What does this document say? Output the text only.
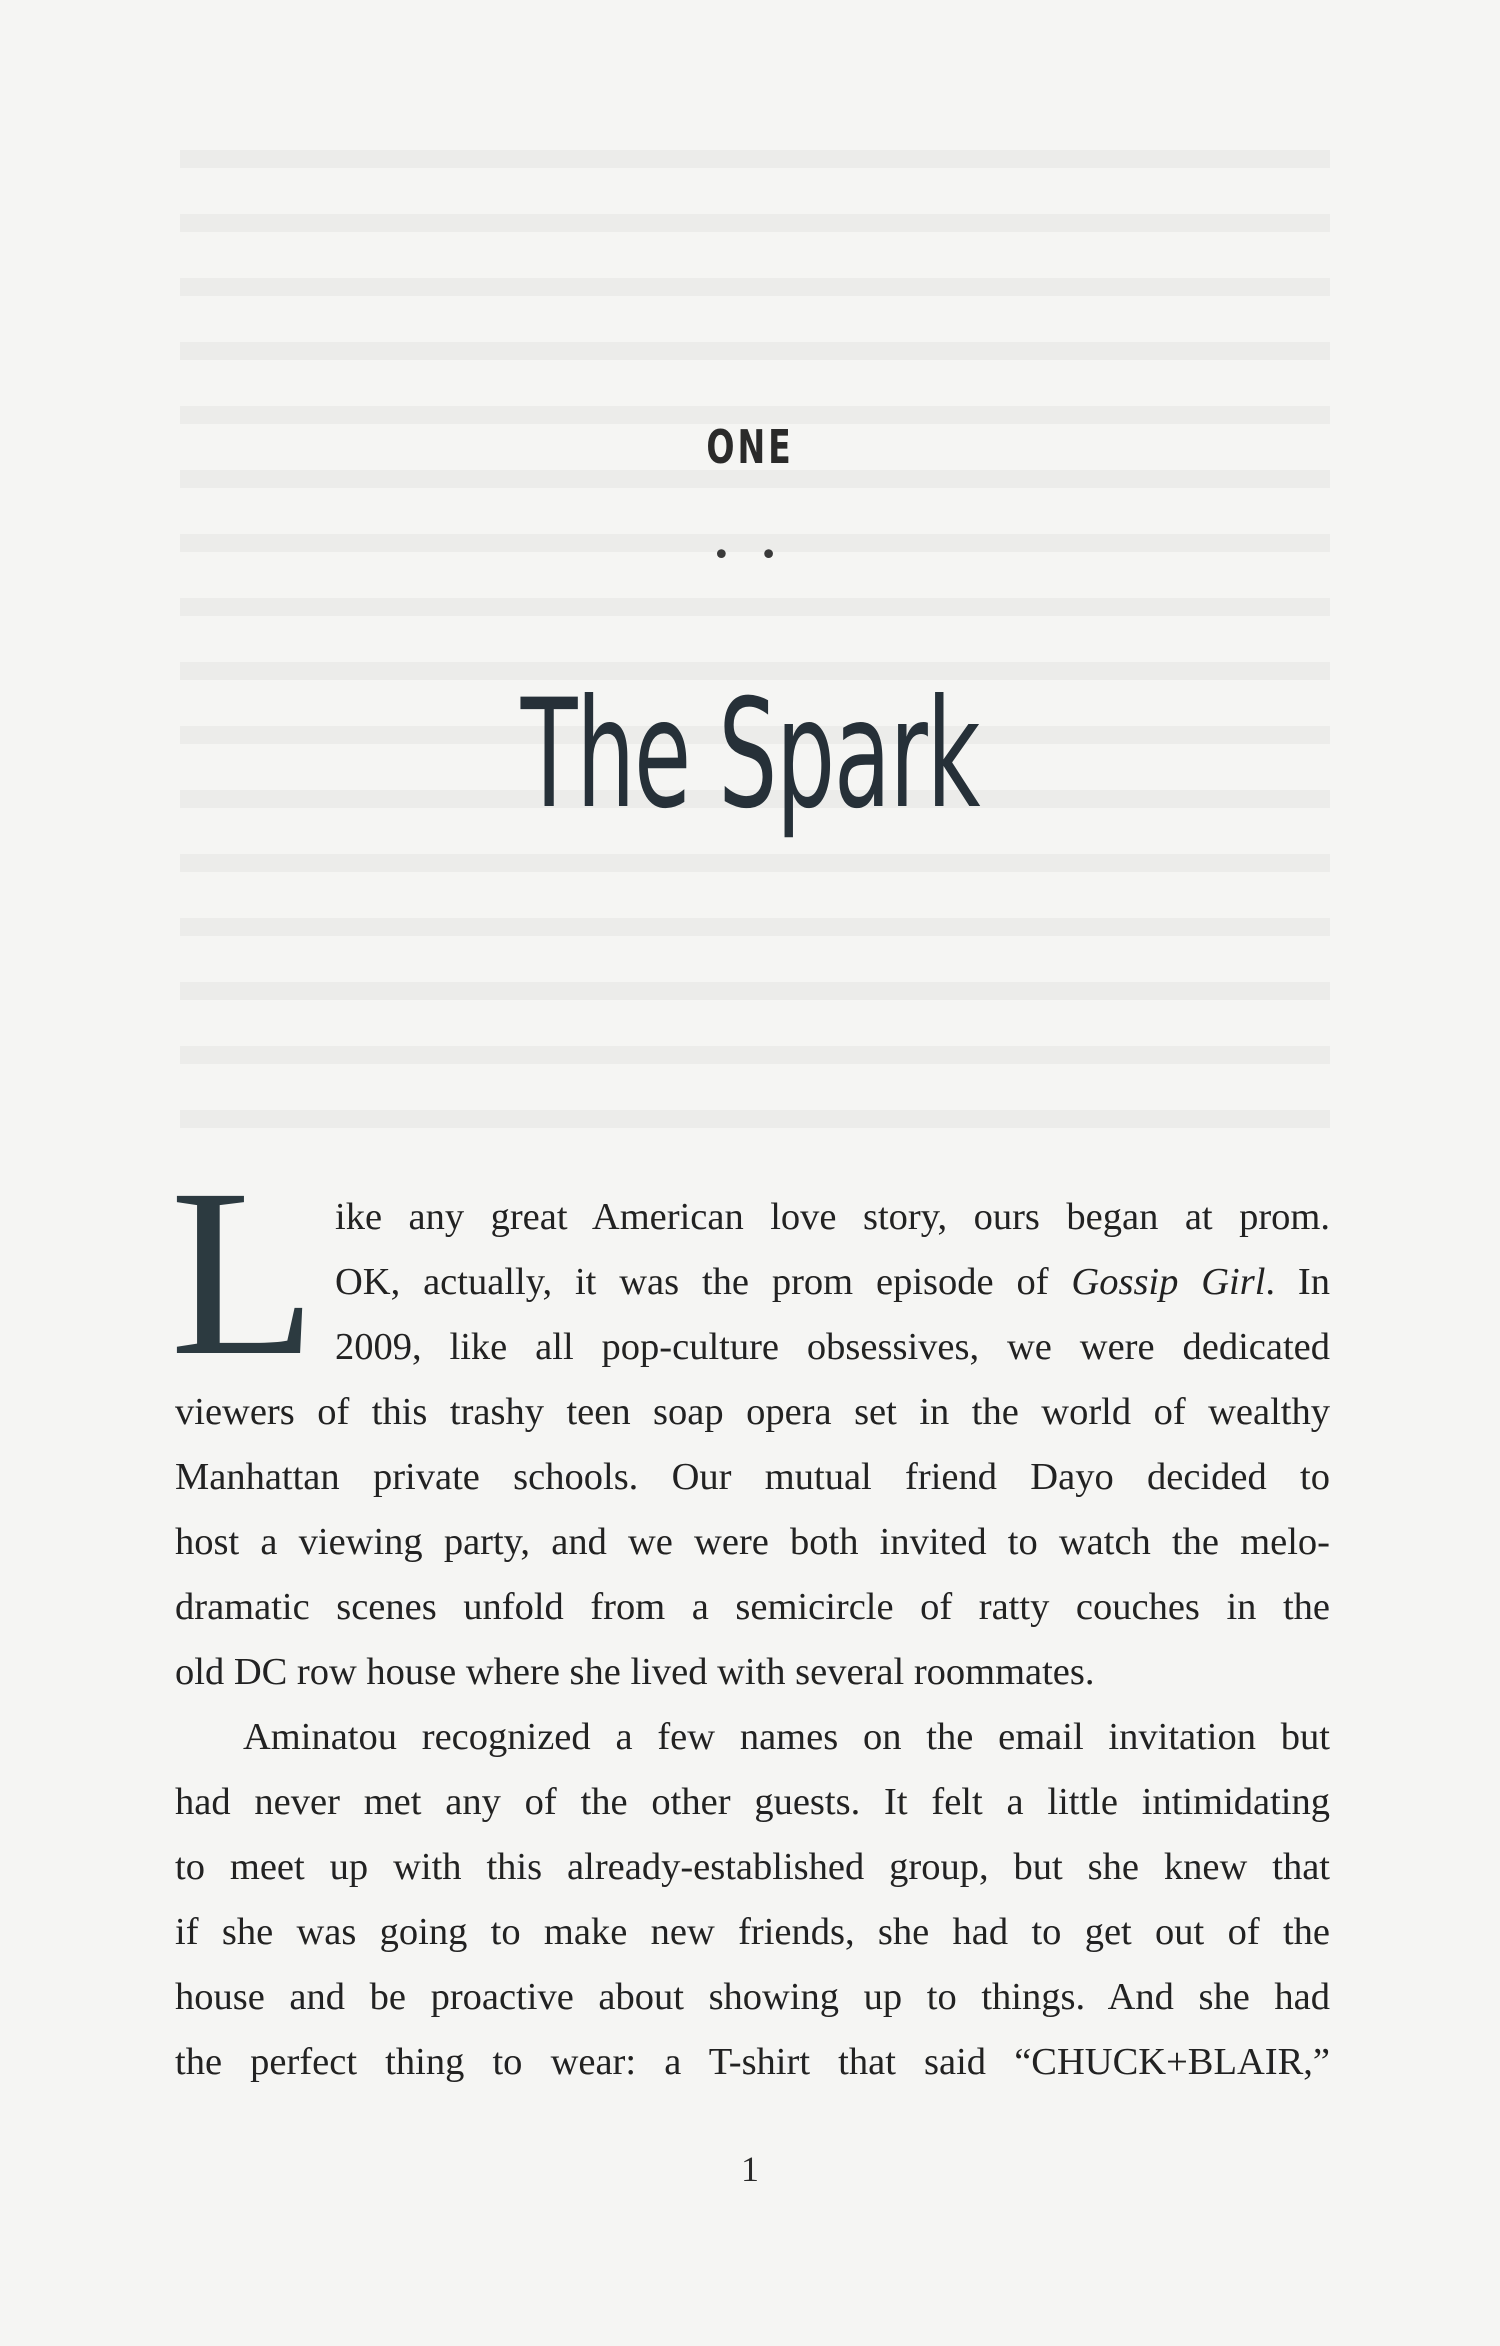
ONE
• •
The Spark
L ike any great American love story, ours began at prom.
OK, actually, it was the prom episode of Gossip Girl. In
2009, like all pop-culture obsessives, we were dedicated
viewers of this trashy teen soap opera set in the world of wealthy
Manhattan private schools. Our mutual friend Dayo decided to
host a viewing party, and we were both invited to watch the melo-
dramatic scenes unfold from a semicircle of ratty couches in the
old DC row house where she lived with several roommates.

Aminatou recognized a few names on the email invitation but
had never met any of the other guests. It felt a little intimidating
to meet up with this already-established group, but she knew that
if she was going to make new friends, she had to get out of the
house and be proactive about showing up to things. And she had
the perfect thing to wear: a T-shirt that said “CHUCK+BLAIR,”

1
